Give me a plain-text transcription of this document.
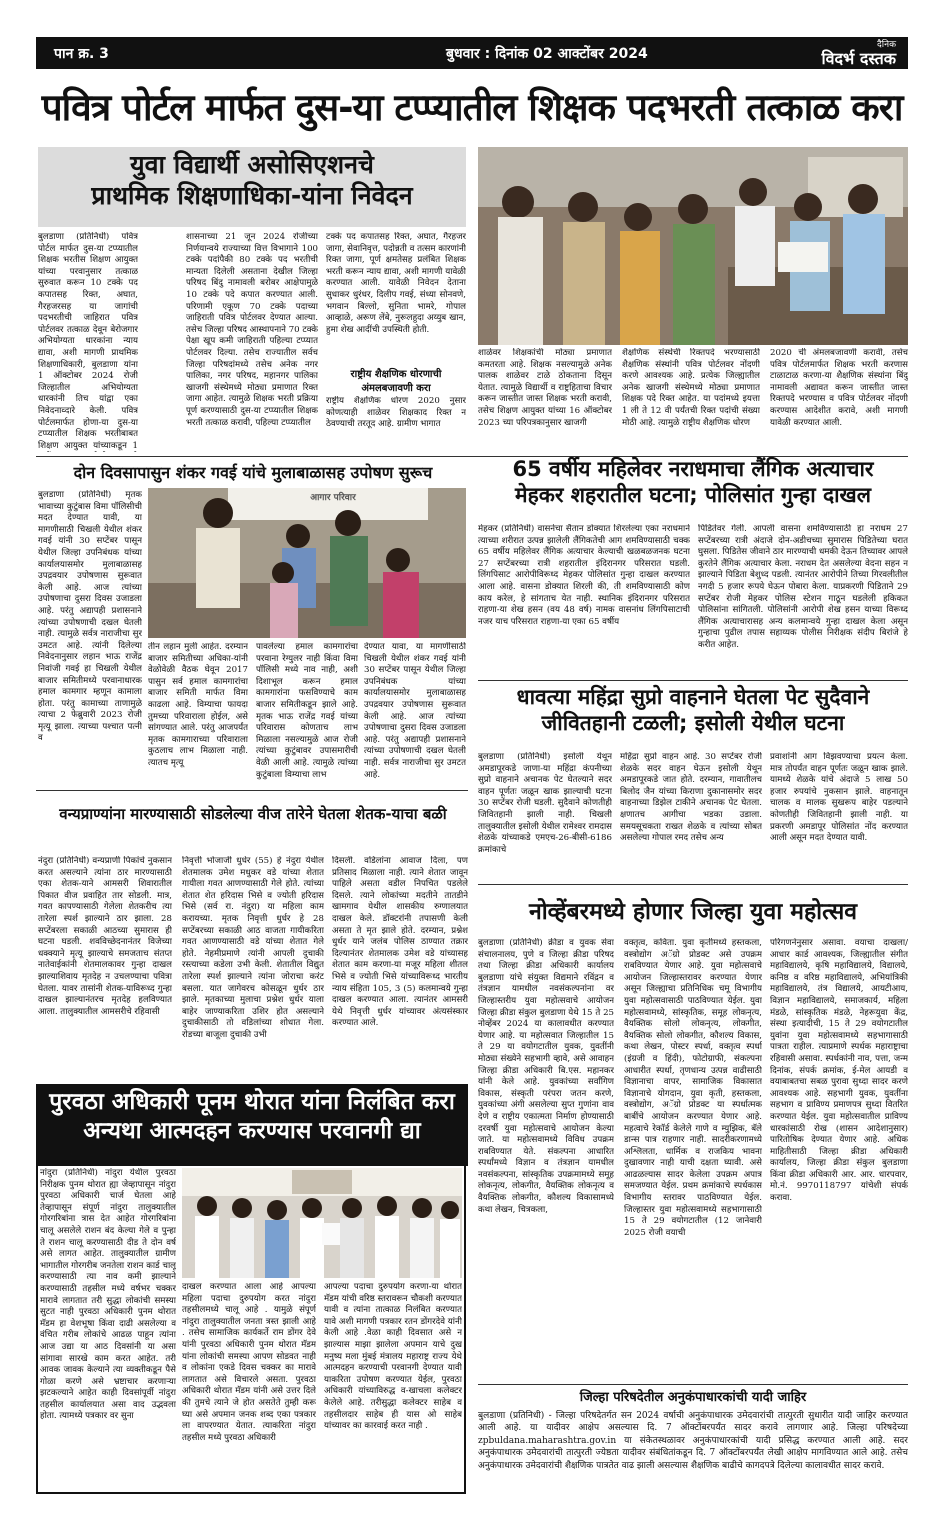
पान क्र. 3	बुधवार : दिनांक 02 आक्टोंबर 2024
दैनिक
विदर्भ दस्तक
पवित्र पोर्टल मार्फत दुस-या टप्प्यातील शिक्षक पदभरती तत्काळ करा
युवा विद्यार्थी असोसिएशनचे
प्राथमिक शिक्षणाधिका-यांना निवेदन
बुलडाणा (प्रतिनिधी) पवित्र पोर्टल मार्फत दुस-या टप्प्यातील शिक्षक भरतीस शिक्षण आयुक्त यांच्या परवानुसार तत्काळ सुरुवात करून 10 टक्के पद कपातसह रिक्त, अघात, गैरहजरसह या जागांची पदभरतीची जाहिरात पवित्र पोर्टलवर तत्काळ देवून बेरोजगार अभियोग्यता धारकांना न्याय द्यावा, अशी मागणी प्राथमिक शिक्षणाधिकारी, बुलडाणा यांना 1 ऑक्टोबर 2024 रोजी जिल्हातील अभियोग्यता धारकांनी तिच यांद्वा एका निवेदनाव्दारे केली. पवित्र पोर्टलमार्फत होणा-या दुस-या टप्प्यातील शिक्षक भरतीबाबत शिक्षण आयुक्त यांच्याकडून 1
शासनाच्या 21 जून 2024 रोजीच्या निर्णयान्वये राज्याच्या वित्त विभागाने 100 टक्के पदांपैकी 80 टक्के पद भरतीची मान्यता दिलेली असताना देखील जिल्हा परिषद बिंदु नामावली बरोबर आक्षेपामुळे 10 टक्के पदे कपात करण्यात आली. परिणामी एकूण 70 टक्के पदाच्या जाहिराती पवित्र पोर्टलवर देण्यात आल्या. तसेच जिल्हा परिषद आस्थापनाने 70 टक्के पेक्षा खूप कमी जाहिराती पहिल्या टप्प्यात पोर्टलवर दिल्या. तसेच राज्यातील सर्वच जिल्हा परिषदांमध्ये तसेच अनेक नगर पालिका, नगर परिषद, महानगर पालिका खाजगी संस्थेमध्ये मोठ्या प्रमाणात रिक्त जागा आहेत. त्यामुळे शिक्षक भरती प्रक्रिया पूर्ण करण्यासाठी दुस-या टप्प्यातील शिक्षक भरती तत्काळ करावी, पहिल्या टप्प्यातील
टक्के पद कपातसह रिक्त, अघात, गैरहजर जागा, सेवानिवृत्त, पदोन्नती व तत्सम कारणांनी रिक्त जागा, पूर्ण क्षमतेसह प्रलंबित शिक्षक भरती करून न्याय द्यावा, अशी मागणी यावेळी करण्यात आली. यावेळी निवेदन देताना सुधाकर धुरंधर, दिलीप गवई, संध्या सोनवणे, भगवान बिल्लो, सुनिता भामरे, गोपाल आव्हाळे, अरूण लेंबे, नुरूलहुदा अय्युब खान, हुमा शेख आदींची उपस्थिती होती.
राष्ट्रीय शैक्षणिक धोरणाची अंमलबजावणी करा
राष्ट्रीय शैक्षणिक धोरण 2020 नुसार कोणत्याही शाळेवर शिक्षकाद रिक्त न ठेवण्याची तरतूद आहे. ग्रामीण भागात
शाळेवर शिक्षकांची मोठ्या प्रमाणात कमतरता आहे. शिक्षक नसल्यामुळे अनेक पालक शाळेवर टाळे ठोकताना दिसून येतात. त्यामुळे विद्यार्थी व राष्ट्रहिताचा विचार करून जास्तीत जास्त शिक्षक भरती करावी, तसेच शिक्षण आयुक्त यांच्या 16 ऑक्टोबर 2023 च्या परिपत्रकानुसार खाजगी
शैक्षणिक संस्थेची रिक्तपदे भरण्यासाठी शैक्षणिक संस्थांनी पवित्र पोर्टलवर नोंदणी करणे आवश्यक आहे. प्रत्येक जिल्ह्यातील अनेक खाजगी संस्थेमध्ये मोठ्या प्रमाणात शिक्षक पदे रिक्त आहेत. या पदांमध्ये इयत्ता 1 ली ते 12 वी पर्यंतची रिक्त पदांची संख्या मोठी आहे. त्यामुळे राष्ट्रीय शैक्षणिक धोरण
2020 ची अंमलबजावणी करावी, तसेच पवित्र पोर्टलमार्फत शिक्षक भरती करणास टाळाटाळ करणा-या शैक्षणिक संस्थांना बिंदु नामावली अद्यावत करून जास्तीत जास्त रिक्तपदे भरण्यास व पवित्र पोर्टलवर नोंदणी करण्यास आदेशीत करावे, अशी मागणी यावेळी करण्यात आली.
दोन दिवसापासुन शंकर गवई यांचे मुलाबाळासह उपोषण सुरूच
आगार परिवार
बुलडाणा (प्रतिनिधी) मृतक भावाच्या कुटुंबास विमा पॉलिसीची मदत देण्यात यावी, या मागणीसाठी चिखली येथील शंकर गवई यांनी 30 सप्टेंबर पासून येथील जिल्हा उपनिबंधक यांच्या कार्यालयासमोर मुलाबाळासह उपद्रवयार उपोषणास सुरूवात केली आहे. आज त्यांच्या उपोषणाचा दुसरा दिवस उजाडला आहे. परंतु अद्यापही प्रशासनाने त्यांच्या उपोषणाची दखल घेतली नाही. त्यामुळे सर्वत्र नाराजीचा सुर उमटत आहे. त्यांनी दिलेल्या निवेदनानुसार लहान भाऊ राजेंद्र निवांजी गवई हा चिखली येथील बाजार समितीमध्ये परवानाधारक हमाल कामगार म्हणून कामाला होता. परंतु कामाच्या ताणामुळे त्याचा 2 फेब्रुवारी 2023 रोजी मृत्यू झाला. त्याच्या पश्चात पत्नी व
तीन लहान मुली आहेत. दरम्यान बाजार समितीच्या अधिका-यांनी वेळोवेळी वैठक घेवून 2017 पासुन सर्व हमाल कामगारांचा बाजार समिती मार्फत विमा काढला आहे. विम्याचा फायदा तुमच्या परिवाराला होईल, असे सांगण्यात आले. परंतु आजपर्यंत मृतक कामगाराच्या परिवाराला कुठलाच लाभ मिळाला नाही. त्यातच मृत्यू
पावलेल्या हमाल कामगारांचा परवाना रेग्युलर नाही किंवा विमा पॉलिसी मध्ये नाव नाही, अशी दिशाभूल करून हमाल कामगारांना फसविण्याचे काम बाजार समितीकडून झाले आहे. मृतक भाऊ राजेंद्र गवई यांच्या परिवारास कोणताच लाभ मिळाला नसल्यामुळे आज रोजी त्यांच्या कुटुंबावर उपासमारीची वेळी आली आहे. त्यामुळे त्यांच्या कुटुंबाला विम्याचा लाभ
देण्यात यावा, या मागणीसाठी चिखली येथील शंकर गवई यांनी 30 सप्टेंबर पासून येथील जिल्हा उपनिबंधक यांच्या कार्यालयासमोर मुलाबाळासह उपद्रवयार उपोषणास सुरूवात केली आहे. आज त्यांच्या उपोषणाचा दुसरा दिवस उजाडला आहे. परंतु अद्यापही प्रशासनाने त्यांच्या उपोषणाची दखल घेतली नाही. सर्वत्र नाराजीचा सुर उमटत आहे.
65 वर्षीय महिलेवर नराधमाचा लैंगिक अत्याचार
मेहकर शहरातील घटना; पोलिसांत गुन्हा दाखल
मेहकर (प्रतिनिधी) वासनेचा सैतान डोक्यात शिरलेल्या एका नराधमाने त्याच्या शरीरात उत्पन्न झालेली लैंगिकतेची आग शमविण्यासाठी चक्क 65 वर्षीय महिलेवर लैंगिक अत्याचार केल्याची खळबळजनक घटना 27 सप्टेंबरच्या रात्री शहरातील इंदिरानगर परिसरात घडली. लिंगपिसाट आरोपीविरूध्द मेहकर पोलिसांत गुन्हा दाखल करण्यात आला आहे. वासना डोक्यात शिरली की, ती शमविण्यासाठी कोण काय करेल, हे सांगताच येत नाही. स्थानिक इंदिरानगर परिसरात राहणा-या शेख हसन (वय 48 वर्ष) नामक वासनांध लिंगपिसाटाची नजर याच परिसरात राहणा-या एका 65 वर्षीय
पिडितेवर गेली. आपली वासना शमविण्यासाठी हा नराधम 27 सप्टेंबरच्या रात्री अंदाजे दोन-अडीचच्या सुमारास पिडितेच्या घरात घुसला. पिडितेस जीवाने ठार मारण्याची धमकी देऊन तिच्यावर आपले कुरतेने लैंगिक अत्याचार केला. नराधम देत असलेल्या वेदना सहन न झाल्याने पिडिता बेशुध्द पडली. त्यानंतर आरोपीने तिच्या गिरवलीतील नगदी 5 हजार रूपये घेऊन पोबारा केला. याप्रकरणी पिडिताने 29 सप्टेंबर रोजी मेहकर पोलिस स्टेशन गाठून घडलेली हकिकत पोलिसांना सांगितली. पोलिसांनी आरोपी शेख हसन याच्या विरूध्द लैंगिक अत्याचारासह अन्य कलमान्वये गुन्हा दाखल केला असून गुन्हाचा पुढील तपास सहाय्यक पोलीस निरीक्षक संदीप बिरांजे हे करीत आहेत.
धावत्या महिंद्रा सुप्रो वाहनाने घेतला पेट सुदैवाने
जीवितहानी टळली; इसोली येथील घटना
बुलडाणा (प्रतिनिधी) इसोली येथून अमडापूरकडे जाणा-या महिंद्रा कंपनीच्या सुप्रो वाहनाने अचानक पेट घेतल्याने सदर वाहन पूर्णतः जळून खाक झाल्याची घटना 30 सप्टेंबर रोजी घडली. सुदैवाने कोणतीही जिवितहानी झाली नाही. चिखली तालुक्यातील इसोली येथील रामेश्वर रामदास शेळके यांच्याकडे एमएच-26-बीसी-6186 क्रमांकाचे
महिंद्रा सुप्रो वाहन आहे. 30 सप्टेंबर रोजी शेळके सदर वाहन घेऊन इसोली येथून अमडापूरकडे जात होते. दरम्यान, गावातीलच बिलोद जैन यांच्या किराणा दुकानासमोर सदर वाहनाच्या डिझेल टाकीने अचानक पेट घेतला. क्षणातच आगीचा भडका उडाला. समयसूचकता राखत शेळके व त्यांच्या सोबत असलेल्या गोपाल रमद तसेच अन्य
प्रवाशांनी आग विझवण्याचा प्रयत्न केला. मात्र तोपर्यंत वाहन पूर्णतः जळून खाक झाले. यामध्ये शेळके यांचे अंदाजे 5 लाख 50 हजार रुपयांचे नुकसान झाले. वाहनातून चालक व मालक सुखरूप बाहेर पडल्याने कोणतीही जिवितहानी झाली नाही. या प्रकरणी अमडापूर पोलिसांत नोंद करण्यात आली असून मदत देण्यात यावी.
वन्यप्राण्यांना मारण्यासाठी सोडलेल्या वीज तारेने घेतला शेतक-याचा बळी
नंदुरा (प्रतिनिधी) वन्यप्राणी पिकांचे नुकसान करत असल्याने त्यांना ठार मारण्यासाठी एका शेतक-याने आमसरी शिवारातील पिकात वीज प्रवाहित तार सोडली. मात्र, गवत कापण्यासाठी गेलेला शेतकरीच त्या तारेला स्पर्श झाल्याने ठार झाला. 28 सप्टेंबरला सकाळी आठच्या सुमारास ही घटना घडली. शवविच्छेदनानंतर विजेच्या धक्क्याने मृत्यू झाल्याचे समजताच संतप्त नातेवाईकांनी शेतमालकावर गुन्हा दाखल झाल्याशिवाय मृतदेह न उचलण्याचा पवित्रा घेतला. यावर तासांनी शेतक-याविरूध्द गुन्हा दाखल झाल्यानंतरच मृतदेह हलविण्यात आला. तालुक्यातील आमसरीचे रहिवासी
निवृत्ती भोजाजी धुर्धर (55) हे नंदुरा येथील शेतमालक उमेश मधुकर वडे यांच्या शेतात गायीला गवत आणण्यासाठी गेले होते. त्यांच्या शेतात शेत हरिदास भिसे व ज्योती हरिदास भिसे (सर्व रा. नंदुरा) या महिला काम करायच्या. मृतक निवृत्ती धुर्धर हे 28 सप्टेंबरच्या सकाळी आठ वाजता गायीकरिता गवत आणण्यासाठी वडे यांच्या शेतात गेले होते. नेहमीप्रमाणे त्यांनी आपली दुचाकी रस्त्याच्या कडेला उभी केली. शेतातील विद्युत तारेला स्पर्श झाल्याने त्यांना जोराचा करंट बसला. यात जागेवरच कोसळून धुर्धर ठार झाले. मृतकाच्या मुलाचा प्रश्नेश धुर्धर याला बाहेर जाण्याकरिता उशिर होत असल्याने दुचाकीसाठी तो वडिलांच्या शोधात गेला. रोडच्या बाजूला दुचाकी उभी
दिसली. वडिलांना आवाज दिला, पण प्रतिसाद मिळाला नाही. त्याने शेतात जावून पाहिले असता वडील निपचित पडलेले दिसले. त्याने लोकांच्या मदतीने तातडीने खामगाव येथील शासकीय रुग्णालयात दाखल केले. डॉक्टरांनी तपासणी केली असता ते मृत झाले होते. दरम्यान, प्रश्नेश धुर्धर याने जलंब पोलिस ठाण्यात तक्रार दिल्यानंतर शेतमालक उमेश वडे यांच्यासह शेतात काम करणा-या मजूर महिला शीतल भिसे व ज्योती भिसे यांच्याविरूध्द भारतीय न्याय संहिता 105, 3 (5) कलमान्वये गुन्हा दाखल करण्यात आला. त्यानंतर आमसरी येथे निवृत्ती धुर्धर यांच्यावर अंत्यसंस्कार करण्यात आले.
नोव्हेंबरमध्ये होणार जिल्हा युवा महोत्सव
बुलडाणा (प्रतिनिधी) क्रीडा व युवक सेवा संचालनालय, पुणे व जिल्हा क्रीडा परिषद तथा जिल्हा क्रीडा अधिकारी कार्यालय बुलडाणा यांचे संयुक्त विद्यमाने रविंद्रन व तंत्रज्ञान यामधील नवसंकल्पनांना वर जिल्हास्तरीय युवा महोत्सवाचे आयोजन जिल्हा क्रीडा संकुल बुलडाणा येथे 15 ते 25 नोव्हेंबर 2024 या कालावधीत करण्यात येणार आहे. या महोत्सवात जिल्हातील 15 ते 29 या वयोगटातील युवक, युवतींनी मोठ्या संख्येने सहभागी व्हावे, असे आवाहन जिल्हा क्रीडा अधिकारी बि.एस. महानकर यांनी केले आहे. युवकांच्या सर्वांगिण विकास, संस्कृती परंपरा जतन करणे, युवकांच्या अंगी असलेल्या सुप्त गुणांना वाव देणे व राष्ट्रीय एकात्मता निर्माण होण्यासाठी दरवर्षी युवा महोत्सवाचे आयोजन केल्या जाते. या महोत्सवामध्ये विविध उपक्रम राबविण्यात येते. संकल्पना आधारित स्पर्धांमध्ये विज्ञान व तंत्रज्ञान यामधील नवसंकल्पना, सांस्कृतिक उपक्रमामध्ये समूह लोकनृत्य, लोकगीत, वैयक्तिक लोकनृत्य व वैयक्तिक लोकगीत, कौशल्य विकासामध्ये कथा लेखन, चित्रकला,
वक्तृत्व, कविता. युवा कृतीमध्ये हस्तकला, वस्त्रोद्योग अॅग्रो प्रोडक्ट असे उपक्रम राबविण्यात येणार आहे. युवा महोत्सवाचे आयोजन जिल्हास्तरावर करण्यात येणार असून जिल्ह्याचा प्रतिनिधिक चमू विभागीय युवा महोत्सवासाठी पाठविण्यात येईल. युवा महोत्सवामध्ये, सांस्कृतिक, समूह लोकनृत्य, वैयक्तिक सोलो लोकनृत्य, लोकगीत, वैयक्तिक सोलो लोकगीत, कौशल्य विकास, कथा लेखन, पोस्टर स्पर्धा, वक्तृत्व स्पर्धा (इंग्रजी व हिंदी), फोटोग्राफी, संकल्पना आधारीत स्पर्धा, तृणधान्य उत्पन्न वाढीसाठी विज्ञानाचा वापर, सामाजिक विकासात विज्ञानाचे योगदान, युवा कृती, हस्तकला, वस्त्रोद्योग, अॅग्रो प्रोडक्ट या स्पर्धात्मक बाबींचे आयोजन करण्यात येणार आहे. महत्वाचे रेकॉर्ड केलेले गाणे व म्युझिक, बॅले डान्स पात्र राहणार नाही. सादरीकरणामध्ये अश्लिलता, धार्मिक व राजकिय भावना दुखावणार नाही याची दक्षता घ्यावी. असे आढळल्यास सादर केलेला उपक्रम अपात्र समजण्यात येईल. प्रथम क्रमांकाचे स्पर्धकास विभागीय स्तरावर पाठविण्यात येईल. जिल्हास्तर युवा महोत्सवामध्ये सहभागासाठी 15 ते 29 वयोगटातील (12 जानेवारी 2025 रोजी वयाची
परिगणनेनुसार असावा. वयाचा दाखला/आधार कार्ड आवश्यक, जिल्ह्यातील संगीत महाविद्यालये, कृषि महाविद्यालये, विद्यालये, कनिष्ठ व वरिष्ठ महाविद्यालये, अभियांत्रिकी महाविद्यालये, तंत्र विद्यालये, आयटीआय, विज्ञान महाविद्यालये, समाजकार्य, महिला मंडळे, सांस्कृतिक मंडळे, नेहरूयुवा केंद्र, संस्था इत्यादीची, 15 ते 29 वयोगटातील युवांना युवा महोत्सवामध्ये सहभागासाठी पात्रता राहील. त्याप्रमाणे स्पर्धक महाराष्ट्राचा रहिवासी असावा. स्पर्धकांनी नाव, पत्ता, जन्म दिनांक, संपर्क क्रमांक, ई-मेल आयडी व वयाबाबतचा सबळ पुरावा सुध्दा सादर करणे आवश्यक आहे. सहभागी युवक, युवतींना सहभाग व प्राविण्य प्रमाणपत्र सुध्दा वितरित करण्यात येईल. युवा महोत्सवातील प्राविण्य धारकांसाठी रोख (शासन आदेशानुसार) पारितोषिक देण्यात येणार आहे. अधिक माहितीसाठी जिल्हा क्रीडा अधिकारी कार्यालय, जिल्हा क्रीडा संकुल बुलडाणा किंवा क्रीडा अधिकारी आर. आर. धारपवार, मो.नं. 9970118797 यांचेशी संपर्क करावा.
पुरवठा अधिकारी पूनम थोरात यांना निलंबित करा
अन्यथा आत्मदहन करण्यास परवानगी द्या
नांदुरा (प्रतिनिधी) नांदुरा येथील पुरवठा निरीक्षक पुनम थोरात ह्या जेव्हापासून नांदुरा पुरवठा अधिकारी चार्ज घेतला आहे तेव्हापासून संपूर्ण नांदुरा तालुक्यातील गोरगरिबांना त्रास देत आहेत गोरगरिबांना चालू असलेले राशन बंद केल्या गेले व पुन्हा ते राशन चालू करण्यासाठी दीड ते दोन वर्ष असे लागत आहेत. तालुक्यातील ग्रामीण भागातील गोरगरीब जनतेला राशन कार्ड चालू करण्यासाठी त्या नाव कमी झाल्याने करण्यासाठी तहसील मध्ये वर्षभर चक्कर मारावे लागतात तरी सुद्धा लोकांची समस्या सुटत नाही पुरवठा अधिकारी पुनम थोरात मॅडम हा वेशभूषा किंवा दाढी असलेल्या व वंचित गरीब लोकांचे आढळ पाहून त्यांना आज उद्या या आठ दिवसांनी या असा सांगावा सारखे काम करत आहेत. तरी आवक जावक केल्याने त्या व्यक्तीकडून पैसे गोळा करणे असे भ्रष्टाचार करणाऱ्या झटकल्याने आहेत काही दिवसांपूर्वी नांदुरा तहसील कार्यालयात असा वाद उद्भवला होता. त्यामध्ये पत्रकार वर सुना
दाखल करण्यात आला आहे आपल्या महिला पदाचा दुरुपयोग करत नांदुरा तहसीलमध्ये चालू आहे . यामुळे संपूर्ण नांदुरा तालुक्यातील जनता त्रस्त झाली आहे . तसेच सामाजिक कार्यकर्ते राम डोंगर देवे यांनी पुरवठा अधिकारी पुनम थोरात मॅडम यांना लोकांची समस्या आपण सोडवत नाही व लोकांना एकडे दिवस चक्कर का मारावे लागतात असे विचारले असता. पुरवठा अधिकारी थोरात मॅडम यांनी असे उत्तर दिले की तुमचे त्याने जे होत असतेते तुम्ही करू घ्या असे अपमान जनक शब्द एका पत्रकार ला वापरण्यात येतात. त्याकरिता नांदुरा तहसील मध्ये पुरवठा अधिकारी
आपल्या पदाचा दुरुपयोग करणा-या थोरात मॅडम यांची वरिष्ठ स्तरावरून चौकशी करण्यात यावी व त्यांना तात्काळ निलंबित करण्यात यावे अशी मागणी पत्रकार रतन डोंगरदेवे यांनी केली आहे .वेळा काही दिवसात असे न झाल्यास माझा झालेला अपमान याचे दुख मनुष्य मला मुंबई मंत्रालय महाराष्ट्र राज्य येथे आत्मदहन करण्याची परवानगी देण्यात यावी याकरिता उपोषण करण्यात येईल, पुरवठा अधिकारी यांच्याविरुद्ध व-खाचला कलेक्टर केलेले आहे. तरीसुद्धा कलेक्टर साहेब व तहसीलदार साहेब ही यास ओ साहेब यांच्यावर का कारवाई करत नाही .
जिल्हा परिषदेतील अनुकंपाधारकांची यादी जाहिर
बुलडाणा (प्रतिनिधी) - जिल्हा परिषदेतर्गत सन 2024 वर्षाची अनुकंपाधारक उमेदवारांची तात्पुरती सुधारीत यादी जाहिर करण्यात आली आहे. या यादीवर आक्षेप असल्यास दि. 7 ऑक्टोंबरपर्यंत सादर करावे लागणार आहे. जिल्हा परिषदेच्या zpbuldana.maharashtra.gov.in या संकेतस्थळावर अनुकंपाधारकांची यादी प्रसिद्ध करण्यात आली आहे. सदर अनुकंपाधारक उमेदवारांची तात्पुरती ज्येष्ठता यादीवर संबंधितांकडून दि. 7 ऑक्टोंबरपर्यंत लेखी आक्षेप मागविण्यात आले आहे. तसेच अनुकंपाधारक उमेदवारांची शैक्षणिक पात्रतेत वाढ झाली असल्यास शैक्षणिक बाढीचे कागदपत्रे दिलेल्या कालावधीत सादर करावे.
